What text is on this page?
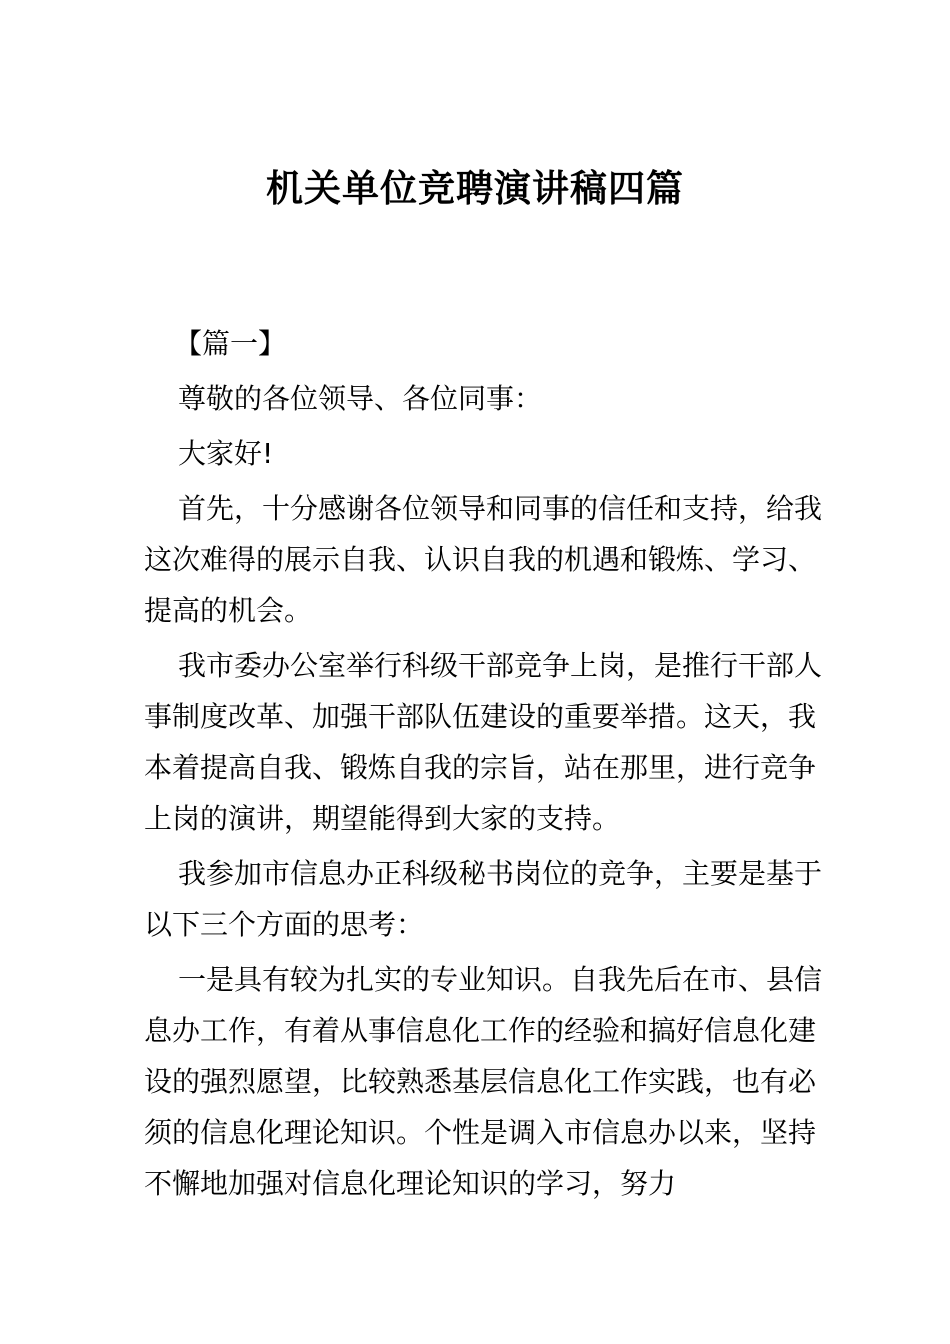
机关单位竞聘演讲稿四篇

【篇一】

尊敬的各位领导、各位同事：

大家好!

首先，十分感谢各位领导和同事的信任和支持，给我这次难得的展示自我、认识自我的机遇和锻炼、学习、提高的机会。

我市委办公室举行科级干部竞争上岗，是推行干部人事制度改革、加强干部队伍建设的重要举措。这天，我本着提高自我、锻炼自我的宗旨，站在那里，进行竞争上岗的演讲，期望能得到大家的支持。

我参加市信息办正科级秘书岗位的竞争，主要是基于以下三个方面的思考：

一是具有较为扎实的专业知识。自我先后在市、县信息办工作，有着从事信息化工作的经验和搞好信息化建设的强烈愿望，比较熟悉基层信息化工作实践，也有必须的信息化理论知识。个性是调入市信息办以来，坚持不懈地加强对信息化理论知识的学习，努力
